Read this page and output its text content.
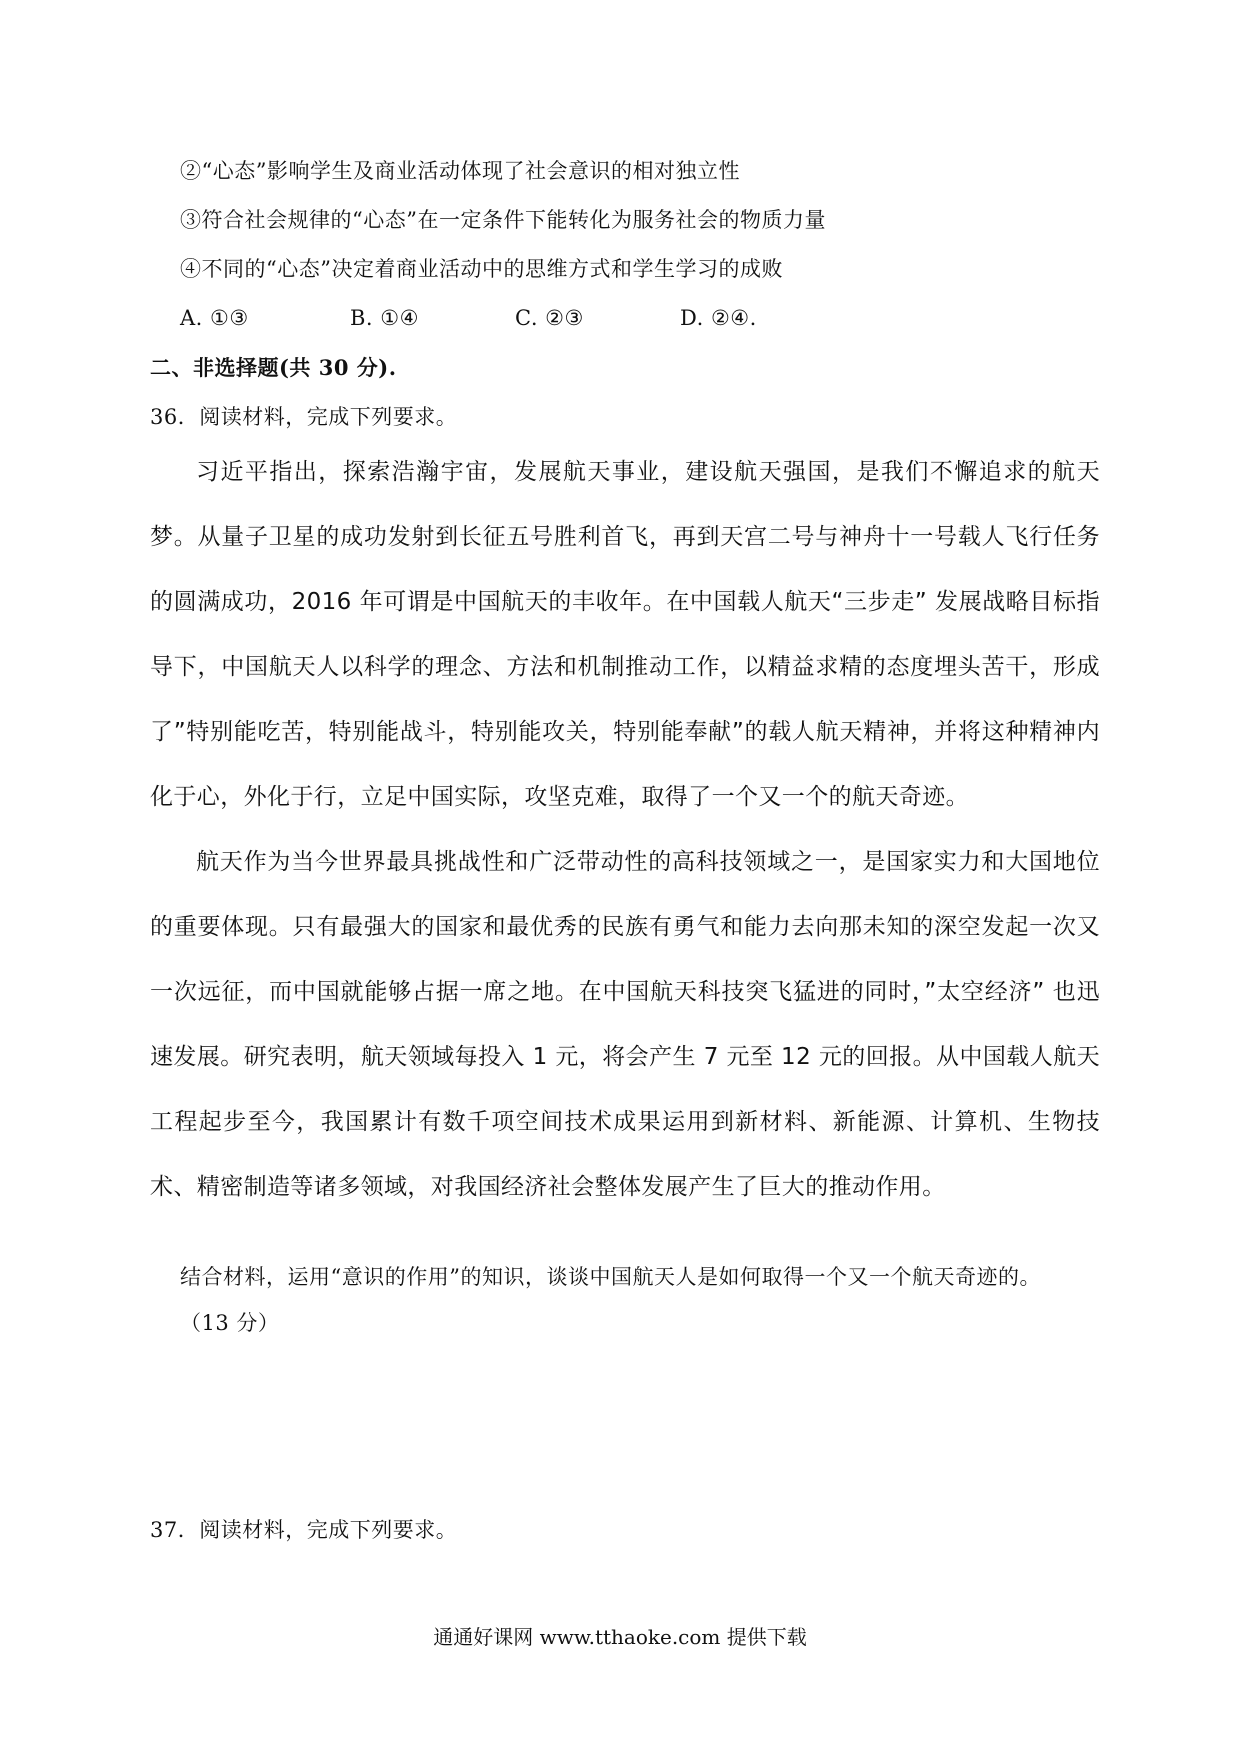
②“心态”影响学生及商业活动体现了社会意识的相对独立性
③符合社会规律的“心态”在一定条件下能转化为服务社会的物质力量
④不同的“心态”决定着商业活动中的思维方式和学生学习的成败
A. ①③	B. ①④	C. ②③	D. ②④.
二、非选择题(共 30 分).
36．阅读材料，完成下列要求。

习近平指出，探索浩瀚宇宙，发展航天事业，建设航天强国，是我们不懈追求的航天梦。从量子卫星的成功发射到长征五号胜利首飞，再到天宫二号与神舟十一号载人飞行任务的圆满成功，2016 年可谓是中国航天的丰收年。在中国载人航天“三步走” 发展战略目标指导下，中国航天人以科学的理念、方法和机制推动工作，以精益求精的态度埋头苦干，形成了”特别能吃苦，特别能战斗，特别能攻关，特别能奉献”的载人航天精神，并将这种精神内化于心，外化于行，立足中国实际，攻坚克难，取得了一个又一个的航天奇迹。

航天作为当今世界最具挑战性和广泛带动性的高科技领域之一，是国家实力和大国地位的重要体现。只有最强大的国家和最优秀的民族有勇气和能力去向那未知的深空发起一次又一次远征，而中国就能够占据一席之地。在中国航天科技突飞猛进的同时，”太空经济” 也迅速发展。研究表明，航天领域每投入 1 元，将会产生 7 元至 12 元的回报。从中国载人航天工程起步至今，我国累计有数千项空间技术成果运用到新材料、新能源、计算机、生物技术、精密制造等诸多领域，对我国经济社会整体发展产生了巨大的推动作用。

结合材料，运用“意识的作用”的知识，谈谈中国航天人是如何取得一个又一个航天奇迹的。
（13 分）
37．阅读材料，完成下列要求。
通通好课网 www.tthaoke.com 提供下载
